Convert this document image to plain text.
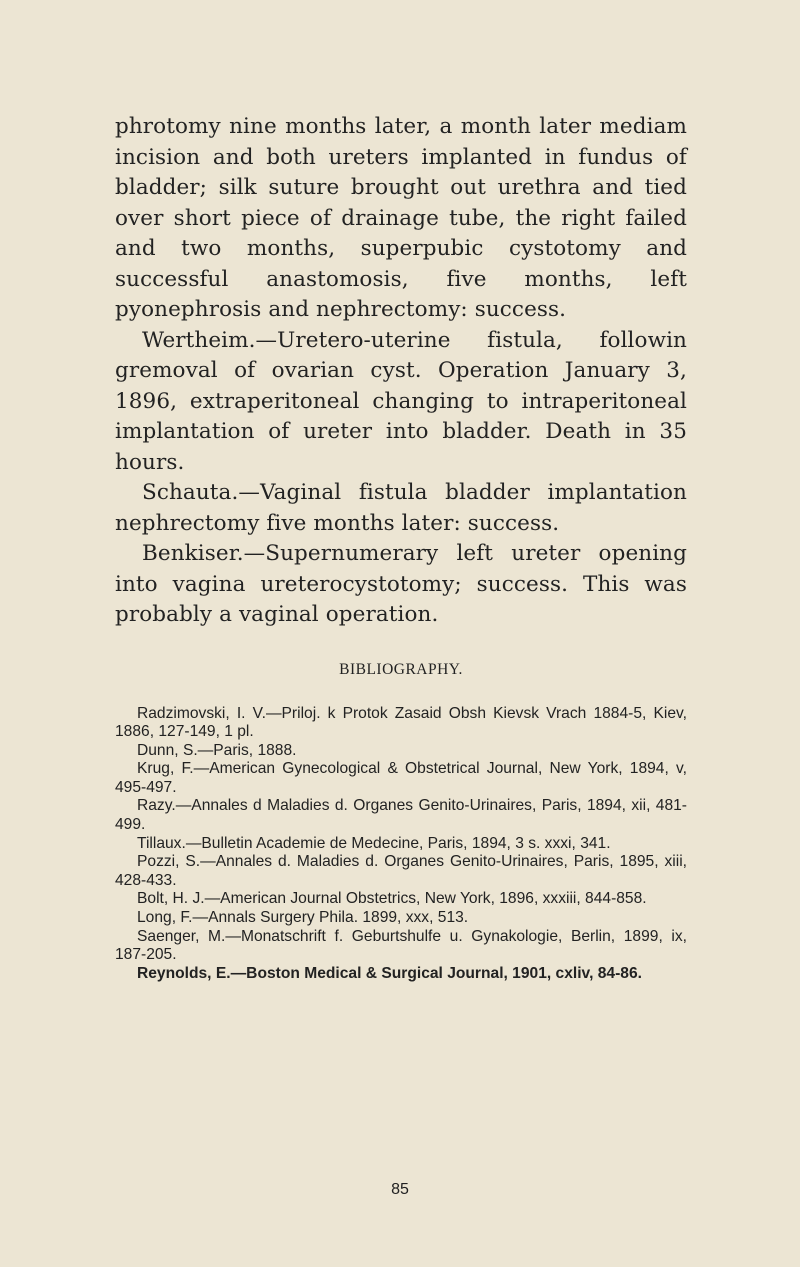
phrotomy nine months later, a month later mediam incision and both ureters implanted in fundus of bladder; silk suture brought out urethra and tied over short piece of drainage tube, the right failed and two months, superpubic cystotomy and successful anastomosis, five months, left pyonephrosis and nephrectomy: success.

Wertheim.—Uretero-uterine fistula, followin gremoval of ovarian cyst. Operation January 3, 1896, extraperitoneal changing to intraperitoneal implantation of ureter into bladder. Death in 35 hours.

Schauta.—Vaginal fistula bladder implantation nephrectomy five months later: success.

Benkiser.—Supernumerary left ureter opening into vagina ureterocystotomy; success. This was probably a vaginal operation.

BIBLIOGRAPHY.
Radzimovski, I. V.—Priloj. k Protok Zasaid Obsh Kievsk Vrach 1884-5, Kiev, 1886, 127-149, 1 pl.
Dunn, S.—Paris, 1888.
Krug, F.—American Gynecological & Obstetrical Journal, New York, 1894, v, 495-497.
Razy.—Annales d Maladies d. Organes Genito-Urinaires, Paris, 1894, xii, 481-499.
Tillaux.—Bulletin Academie de Medecine, Paris, 1894, 3 s. xxxi, 341.
Pozzi, S.—Annales d. Maladies d. Organes Genito-Urinaires, Paris, 1895, xiii, 428-433.
Bolt, H. J.—American Journal Obstetrics, New York, 1896, xxxiii, 844-858.
Long, F.—Annals Surgery Phila. 1899, xxx, 513.
Saenger, M.—Monatschrift f. Geburtshulfe u. Gynakologie, Berlin, 1899, ix, 187-205.
Reynolds, E.—Boston Medical & Surgical Journal, 1901, cxliv, 84-86.
85
